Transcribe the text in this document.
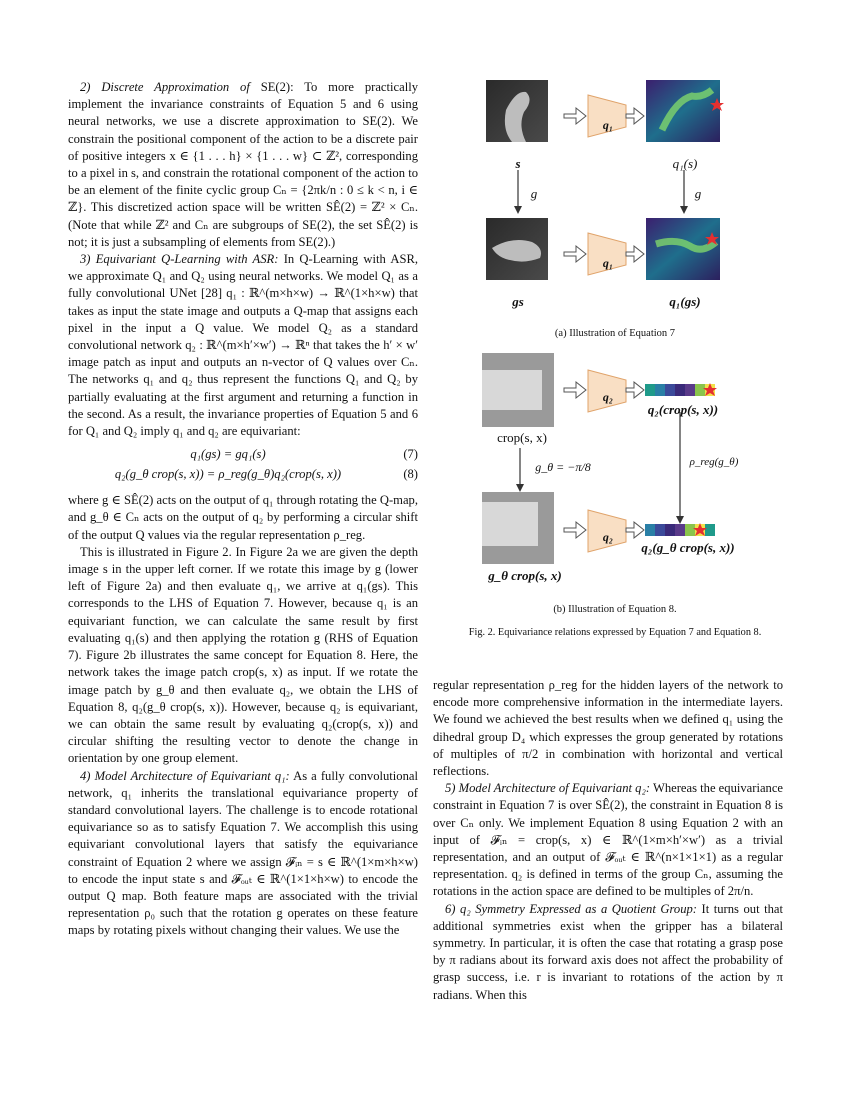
2) Discrete Approximation of SE(2): To more practically implement the invariance constraints of Equation 5 and 6 using neural networks, we use a discrete approximation to SE(2). We constrain the positional component of the action to be a discrete pair of positive integers x ∈ {1 . . . h} × {1 . . . w} ⊂ ℤ², corresponding to a pixel in s, and constrain the rotational component of the action to be an element of the finite cyclic group Cₙ = {2πk/n : 0 ≤ k < n, i ∈ ℤ}. This discretized action space will be written SÊ(2) = ℤ² × Cₙ. (Note that while ℤ² and Cₙ are subgroups of SE(2), the set SÊ(2) is not; it is just a subsampling of elements from SE(2).)

3) Equivariant Q-Learning with ASR: In Q-Learning with ASR, we approximate Q₁ and Q₂ using neural networks. We model Q₁ as a fully convolutional UNet [28] q₁ : ℝ^(m×h×w) → ℝ^(1×h×w) that takes as input the state image and outputs a Q-map that assigns each pixel in the input a Q value. We model Q₂ as a standard convolutional network q₂ : ℝ^(m×h′×w′) → ℝⁿ that takes the h′ × w′ image patch as input and outputs an n-vector of Q values over Cₙ. The networks q₁ and q₂ thus represent the functions Q₁ and Q₂ by partially evaluating at the first argument and returning a function in the second. As a result, the invariance properties of Equation 5 and 6 for Q₁ and Q₂ imply q₁ and q₂ are equivariant:

q₁(gs) = gq₁(s)	(7)
q₂(g_θ crop(s, x)) = ρ_reg(g_θ)q₂(crop(s, x))	(8)

where g ∈ SÊ(2) acts on the output of q₁ through rotating the Q-map, and g_θ ∈ Cₙ acts on the output of q₂ by performing a circular shift of the output Q values via the regular representation ρ_reg.

This is illustrated in Figure 2. In Figure 2a we are given the depth image s in the upper left corner. If we rotate this image by g (lower left of Figure 2a) and then evaluate q₁, we arrive at q₁(gs). This corresponds to the LHS of Equation 7. However, because q₁ is an equivariant function, we can calculate the same result by first evaluating q₁(s) and then applying the rotation g (RHS of Equation 7). Figure 2b illustrates the same concept for Equation 8. Here, the network takes the image patch crop(s, x) as input. If we rotate the image patch by g_θ and then evaluate q₂, we obtain the LHS of Equation 8, q₂(g_θ crop(s, x)). However, because q₂ is equivariant, we can obtain the same result by evaluating q₂(crop(s, x)) and circular shifting the resulting vector to denote the change in orientation by one group element.

4) Model Architecture of Equivariant q₁: As a fully convolutional network, q₁ inherits the translational equivariance property of standard convolutional layers. The challenge is to encode rotational equivariance so as to satisfy Equation 7. We accomplish this using equivariant convolutional layers that satisfy the equivariance constraint of Equation 2 where we assign 𝓕ᵢₙ = s ∈ ℝ^(1×m×h×w) to encode the input state s and 𝓕ₒᵤₜ ∈ ℝ^(1×1×h×w) to encode the output Q map. Both feature maps are associated with the trivial representation ρ₀ such that the rotation g operates on these feature maps by rotating pixels without changing their values. We use the

s
q₁
q₁(s)
g	g
gs
q₁
q₁(gs)
(a) Illustration of Equation 7
crop(s, x)
q₂
q₂(crop(s, x))
g_θ = −π/8	ρ_reg(g_θ)
g_θ crop(s, x)
q₂
q₂(g_θ crop(s, x))
(b) Illustration of Equation 8.
Fig. 2. Equivariance relations expressed by Equation 7 and Equation 8.

regular representation ρ_reg for the hidden layers of the network to encode more comprehensive information in the intermediate layers. We found we achieved the best results when we defined q₁ using the dihedral group D₄ which expresses the group generated by rotations of multiples of π/2 in combination with horizontal and vertical reflections.

5) Model Architecture of Equivariant q₂: Whereas the equivariance constraint in Equation 7 is over SÊ(2), the constraint in Equation 8 is over Cₙ only. We implement Equation 8 using Equation 2 with an input of 𝓕ᵢₙ = crop(s, x) ∈ ℝ^(1×m×h′×w′) as a trivial representation, and an output of 𝓕ₒᵤₜ ∈ ℝ^(n×1×1×1) as a regular representation. q₂ is defined in terms of the group Cₙ, assuming the rotations in the action space are defined to be multiples of 2π/n.

6) q₂ Symmetry Expressed as a Quotient Group: It turns out that additional symmetries exist when the gripper has a bilateral symmetry. In particular, it is often the case that rotating a grasp pose by π radians about its forward axis does not affect the probability of grasp success, i.e. r is invariant to rotations of the action by π radians. When this
